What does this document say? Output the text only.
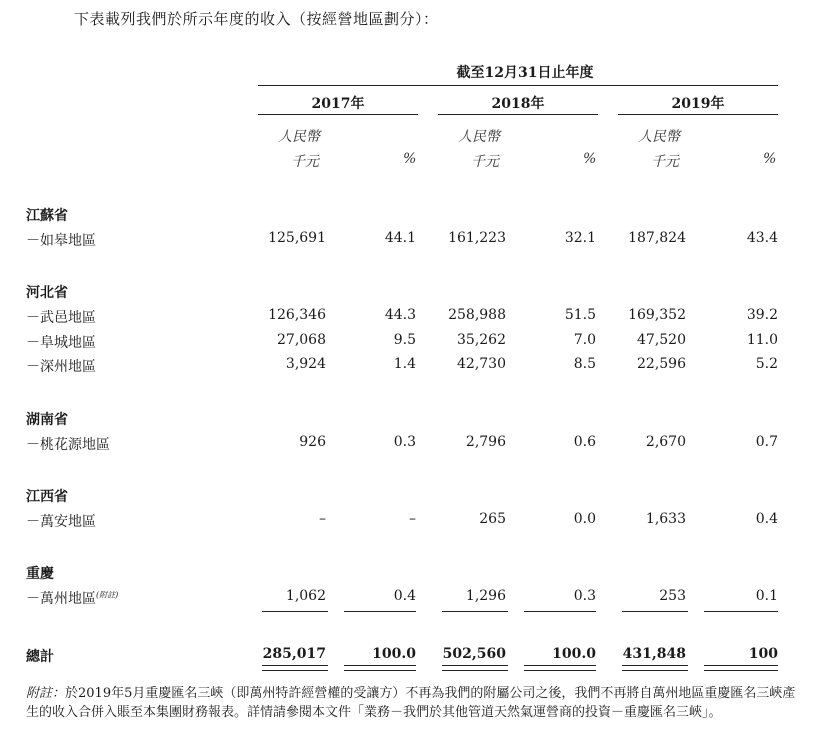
下表載列我們於所示年度的收入（按經營地區劃分）：
截至12月31日止年度
2017年	2018年	2019年
人民幣
千元	%
人民幣
千元	%
人民幣
千元	%
江蘇省
－如皋地區	125,691	44.1	161,223	32.1	187,824	43.4
河北省
－武邑地區	126,346	44.3	258,988	51.5	169,352	39.2
－阜城地區	27,068	9.5	35,262	7.0	47,520	11.0
－深州地區	3,924	1.4	42,730	8.5	22,596	5.2
湖南省
－桃花源地區	926	0.3	2,796	0.6	2,670	0.7
江西省
－萬安地區	–	–	265	0.0	1,633	0.4
重慶
－萬州地區$^{(附註)}$	1,062	0.4	1,296	0.3	253	0.1
總計	285,017	100.0	502,560	100.0	431,848	100
附註：於2019年5月重慶匯名三峽（即萬州特許經營權的受讓方）不再為我們的附屬公司之後，我們不再將自萬州地區重慶匯名三峽產生的收入合併入賬至本集團財務報表。詳情請參閱本文件「業務－我們於其他管道天然氣運營商的投資－重慶匯名三峽」。
